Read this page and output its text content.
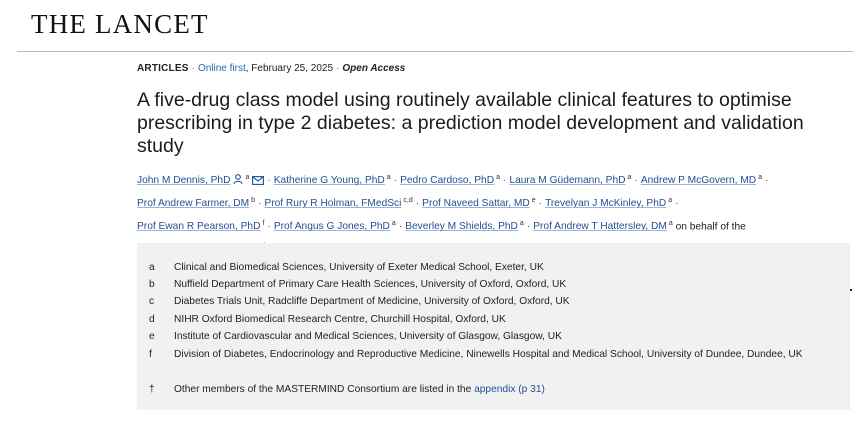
THE LANCET
ARTICLES · Online first, February 25, 2025 · Open Access
A five-drug class model using routinely available clinical features to optimise prescribing in type 2 diabetes: a prediction model development and validation study
John M Dennis, PhD $^a$ · Katherine G Young, PhD $^a$ · Pedro Cardoso, PhD $^a$ · Laura M Güdemann, PhD $^a$ · Andrew P McGovern, MD $^a$ ·
Prof Andrew Farmer, DM $^b$ · Prof Rury R Holman, FMedSci $^{c,d}$ · Prof Naveed Sattar, MD $^e$ · Trevelyan J McKinley, PhD $^a$ ·
Prof Ewan R Pearson, PhD $^f$ · Prof Angus G Jones, PhD $^a$ · Beverley M Shields, PhD $^a$ · Prof Andrew T Hattersley, DM $^a$ on behalf of the

a	Clinical and Biomedical Sciences, University of Exeter Medical School, Exeter, UK
b	Nuffield Department of Primary Care Health Sciences, University of Oxford, Oxford, UK
c	Diabetes Trials Unit, Radcliffe Department of Medicine, University of Oxford, Oxford, UK
d	NIHR Oxford Biomedical Research Centre, Churchill Hospital, Oxford, UK
e	Institute of Cardiovascular and Medical Sciences, University of Glasgow, Glasgow, UK
f	Division of Diabetes, Endocrinology and Reproductive Medicine, Ninewells Hospital and Medical School, University of Dundee, Dundee, UK
†	Other members of the MASTERMIND Consortium are listed in the appendix (p 31)
